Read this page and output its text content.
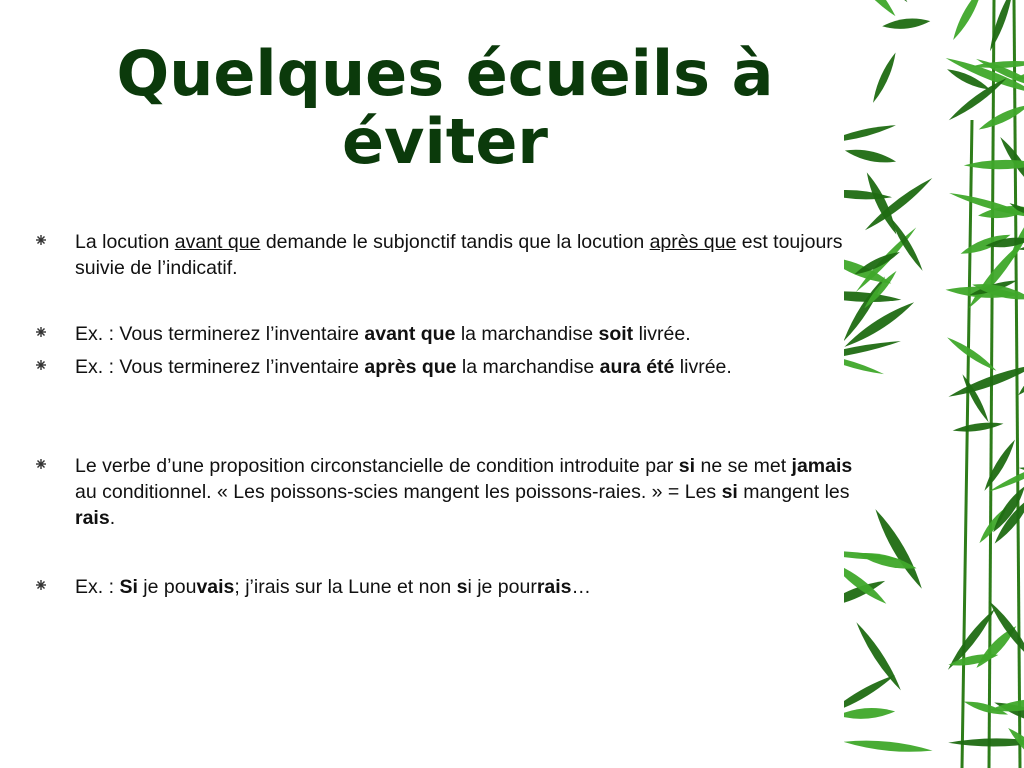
Quelques écueils à
éviter
La locution avant que demande le subjonctif tandis que la locution après que est toujours suivie de l’indicatif.
Ex. : Vous terminerez l’inventaire avant que la marchandise soit livrée.
Ex. : Vous terminerez l’inventaire après que la marchandise aura été livrée.
Le verbe d’une proposition circonstancielle de condition introduite par si ne se met jamais au conditionnel. « Les poissons-scies mangent les poissons-raies. » = Les si mangent les rais.
Ex. : Si je pouvais; j’irais sur la Lune et non si je pourrais…
